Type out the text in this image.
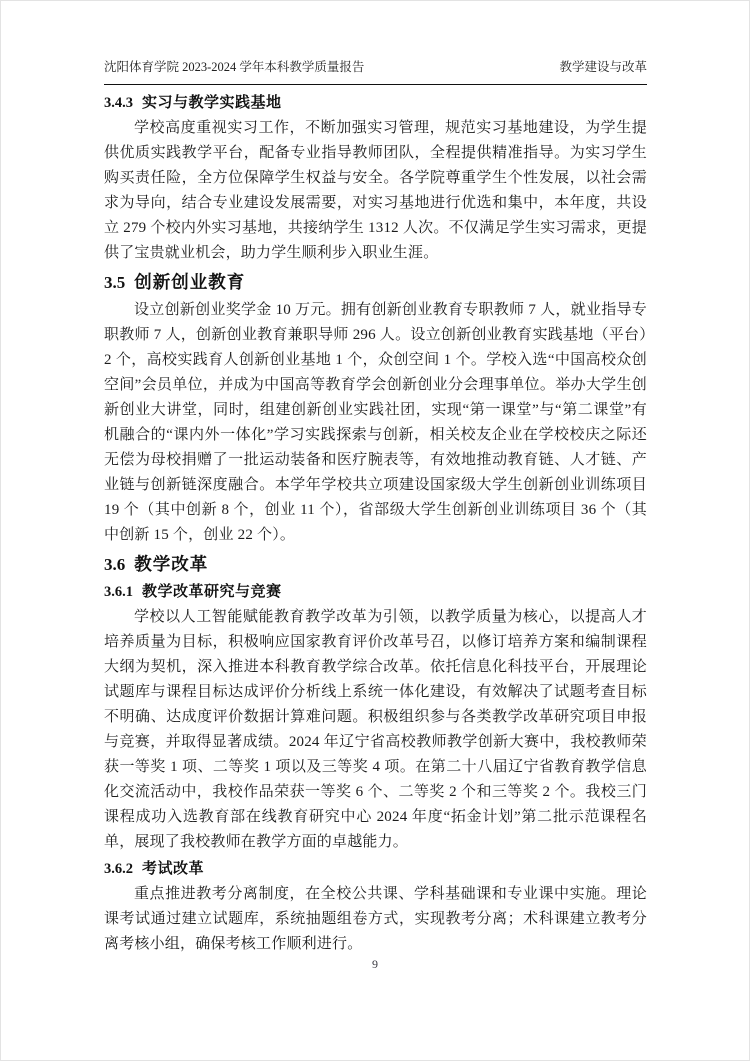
沈阳体育学院 2023-2024 学年本科教学质量报告	教学建设与改革
3.4.3 实习与教学实践基地

学校高度重视实习工作，不断加强实习管理，规范实习基地建设，为学生提供优质实践教学平台，配备专业指导教师团队，全程提供精准指导。为实习学生购买责任险，全方位保障学生权益与安全。各学院尊重学生个性发展，以社会需求为导向，结合专业建设发展需要，对实习基地进行优选和集中，本年度，共设立 279 个校内外实习基地，共接纳学生 1312 人次。不仅满足学生实习需求，更提供了宝贵就业机会，助力学生顺利步入职业生涯。

3.5 创新创业教育

设立创新创业奖学金 10 万元。拥有创新创业教育专职教师 7 人，就业指导专职教师 7 人，创新创业教育兼职导师 296 人。设立创新创业教育实践基地（平台）2 个，高校实践育人创新创业基地 1 个，众创空间 1 个。学校入选“中国高校众创空间”会员单位，并成为中国高等教育学会创新创业分会理事单位。举办大学生创新创业大讲堂，同时，组建创新创业实践社团，实现“第一课堂”与“第二课堂”有机融合的“课内外一体化”学习实践探索与创新，相关校友企业在学校校庆之际还无偿为母校捐赠了一批运动装备和医疗腕表等，有效地推动教育链、人才链、产业链与创新链深度融合。本学年学校共立项建设国家级大学生创新创业训练项目 19 个（其中创新 8 个，创业 11 个），省部级大学生创新创业训练项目 36 个（其中创新 15 个，创业 22 个）。

3.6 教学改革
3.6.1 教学改革研究与竞赛

学校以人工智能赋能教育教学改革为引领，以教学质量为核心，以提高人才培养质量为目标，积极响应国家教育评价改革号召，以修订培养方案和编制课程大纲为契机，深入推进本科教育教学综合改革。依托信息化科技平台，开展理论试题库与课程目标达成评价分析线上系统一体化建设，有效解决了试题考查目标不明确、达成度评价数据计算难问题。积极组织参与各类教学改革研究项目申报与竞赛，并取得显著成绩。2024 年辽宁省高校教师教学创新大赛中，我校教师荣获一等奖 1 项、二等奖 1 项以及三等奖 4 项。在第二十八届辽宁省教育教学信息化交流活动中，我校作品荣获一等奖 6 个、二等奖 2 个和三等奖 2 个。我校三门课程成功入选教育部在线教育研究中心 2024 年度“拓金计划”第二批示范课程名单，展现了我校教师在教学方面的卓越能力。

3.6.2 考试改革

重点推进教考分离制度，在全校公共课、学科基础课和专业课中实施。理论课考试通过建立试题库，系统抽题组卷方式，实现教考分离；术科课建立教考分离考核小组，确保考核工作顺利进行。

9
